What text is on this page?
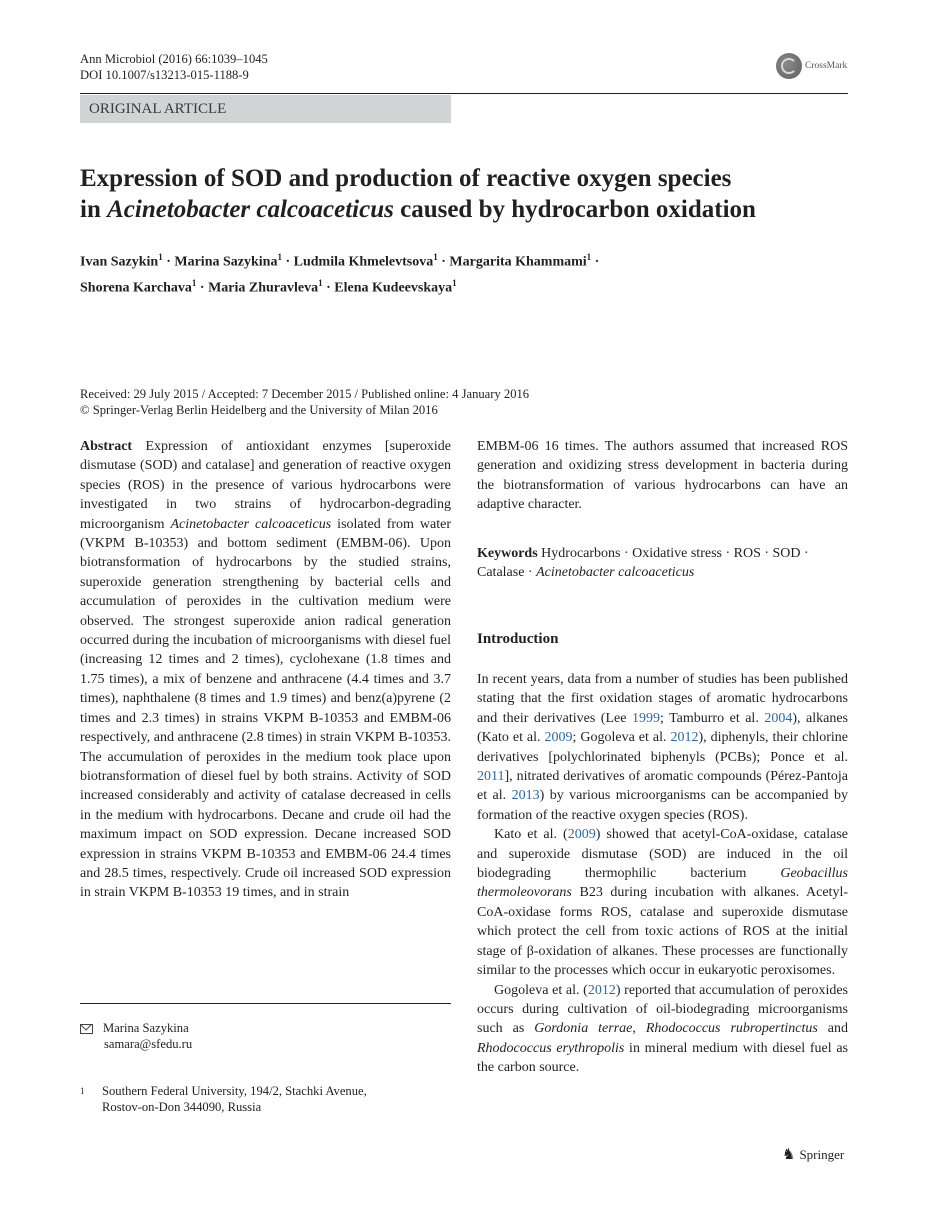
Ann Microbiol (2016) 66:1039–1045
DOI 10.1007/s13213-015-1188-9
CrossMark
ORIGINAL ARTICLE
Expression of SOD and production of reactive oxygen species
in Acinetobacter calcoaceticus caused by hydrocarbon oxidation
Ivan Sazykin$^1$ · Marina Sazykina$^1$ · Ludmila Khmelevtsova$^1$ · Margarita Khammami$^1$ ·
Shorena Karchava$^1$ · Maria Zhuravleva$^1$ · Elena Kudeevskaya$^1$
Received: 29 July 2015 / Accepted: 7 December 2015 / Published online: 4 January 2016
© Springer-Verlag Berlin Heidelberg and the University of Milan 2016

Abstract Expression of antioxidant enzymes [superoxide dismutase (SOD) and catalase] and generation of reactive oxygen species (ROS) in the presence of various hydrocarbons were investigated in two strains of hydrocarbon-degrading microorganism Acinetobacter calcoaceticus isolated from water (VKPM B-10353) and bottom sediment (EMBM-06). Upon biotransformation of hydrocarbons by the studied strains, superoxide generation strengthening by bacterial cells and accumulation of peroxides in the cultivation medium were observed. The strongest superoxide anion radical generation occurred during the incubation of microorganisms with diesel fuel (increasing 12 times and 2 times), cyclohexane (1.8 times and 1.75 times), a mix of benzene and anthracene (4.4 times and 3.7 times), naphthalene (8 times and 1.9 times) and benz(a)pyrene (2 times and 2.3 times) in strains VKPM B-10353 and EMBM-06 respectively, and anthracene (2.8 times) in strain VKPM B-10353. The accumulation of peroxides in the medium took place upon biotransformation of diesel fuel by both strains. Activity of SOD increased considerably and activity of catalase decreased in cells in the medium with hydrocarbons. Decane and crude oil had the maximum impact on SOD expression. Decane increased SOD expression in strains VKPM B-10353 and EMBM-06 24.4 times and 28.5 times, respectively. Crude oil increased SOD expression in strain VKPM B-10353 19 times, and in strain

EMBM-06 16 times. The authors assumed that increased ROS generation and oxidizing stress development in bacteria during the biotransformation of various hydrocarbons can have an adaptive character.

Keywords Hydrocarbons · Oxidative stress · ROS · SOD · Catalase · Acinetobacter calcoaceticus

Introduction

In recent years, data from a number of studies has been published stating that the first oxidation stages of aromatic hydrocarbons and their derivatives (Lee 1999; Tamburro et al. 2004), alkanes (Kato et al. 2009; Gogoleva et al. 2012), diphenyls, their chlorine derivatives [polychlorinated biphenyls (PCBs); Ponce et al. 2011], nitrated derivatives of aromatic compounds (Pérez-Pantoja et al. 2013) by various microorganisms can be accompanied by formation of the reactive oxygen species (ROS).

Kato et al. (2009) showed that acetyl-CoA-oxidase, catalase and superoxide dismutase (SOD) are induced in the oil biodegrading thermophilic bacterium Geobacillus thermoleovorans B23 during incubation with alkanes. Acetyl-CoA-oxidase forms ROS, catalase and superoxide dismutase which protect the cell from toxic actions of ROS at the initial stage of β-oxidation of alkanes. These processes are functionally similar to the processes which occur in eukaryotic peroxisomes.

Gogoleva et al. (2012) reported that accumulation of peroxides occurs during cultivation of oil-biodegrading microorganisms such as Gordonia terrae, Rhodococcus rubropertinctus and Rhodococcus erythropolis in mineral medium with diesel fuel as the carbon source.

Marina Sazykina
samara@sfedu.ru
1	Southern Federal University, 194/2, Stachki Avenue,
Rostov-on-Don 344090, Russia
♞ Springer
